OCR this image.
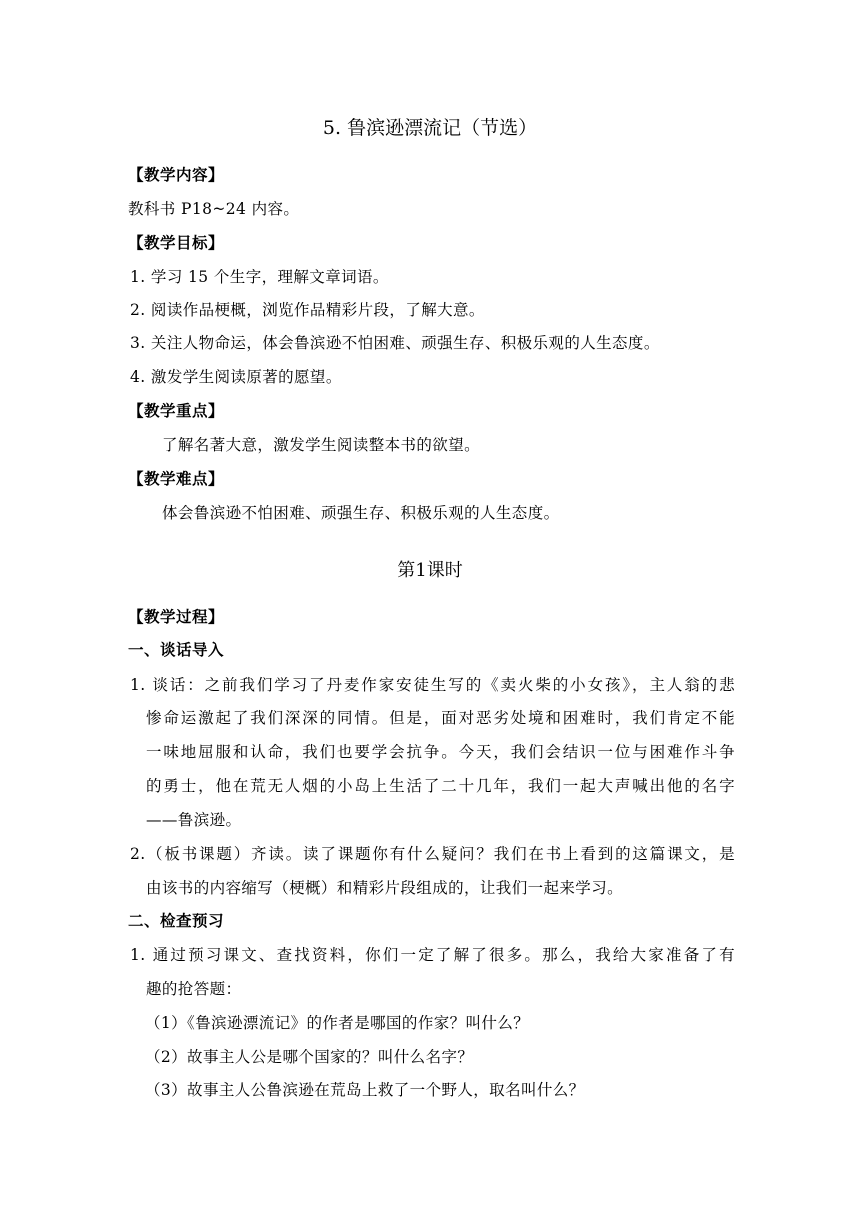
5. 鲁滨逊漂流记（节选）
【教学内容】
教科书 P18~24 内容。
【教学目标】
1. 学习 15 个生字，理解文章词语。
2. 阅读作品梗概，浏览作品精彩片段，了解大意。
3. 关注人物命运，体会鲁滨逊不怕困难、顽强生存、积极乐观的人生态度。
4. 激发学生阅读原著的愿望。
【教学重点】
了解名著大意，激发学生阅读整本书的欲望。
【教学难点】
体会鲁滨逊不怕困难、顽强生存、积极乐观的人生态度。
第1课时
【教学过程】
一、谈话导入
1. 谈话：之前我们学习了丹麦作家安徒生写的《卖火柴的小女孩》，主人翁的悲
惨命运激起了我们深深的同情。但是，面对恶劣处境和困难时，我们肯定不能
一味地屈服和认命，我们也要学会抗争。今天，我们会结识一位与困难作斗争
的勇士，他在荒无人烟的小岛上生活了二十几年，我们一起大声喊出他的名字
——鲁滨逊。
2.（板书课题）齐读。读了课题你有什么疑问？我们在书上看到的这篇课文，是
由该书的内容缩写（梗概）和精彩片段组成的，让我们一起来学习。
二、检查预习
1. 通过预习课文、查找资料，你们一定了解了很多。那么，我给大家准备了有
趣的抢答题：
（1）《鲁滨逊漂流记》的作者是哪国的作家？叫什么？
（2）故事主人公是哪个国家的？叫什么名字？
（3）故事主人公鲁滨逊在荒岛上救了一个野人，取名叫什么？
